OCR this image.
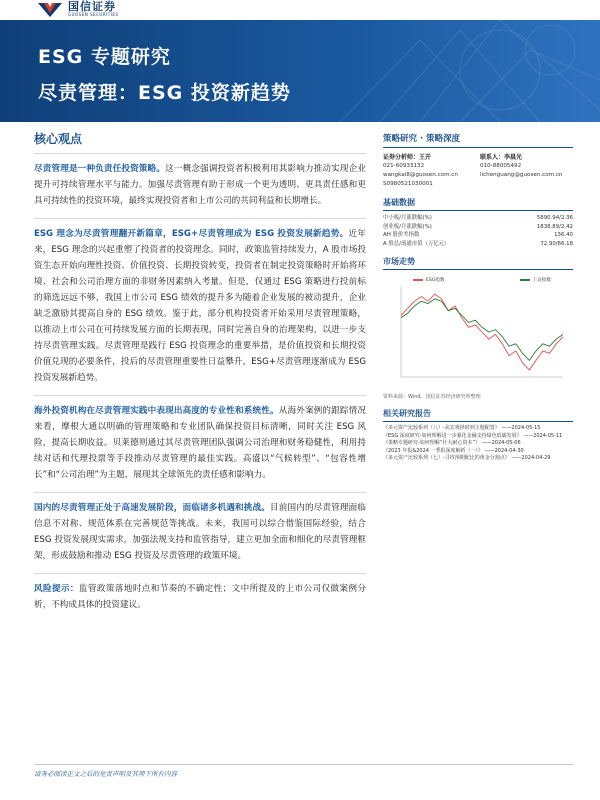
国信证券
GUOSEN SECURITIES
ESG 专题研究
尽责管理：ESG 投资新趋势
核心观点

尽责管理是一种负责任投资策略。这一概念强调投资者积极利用其影响力推动实现企业提升可持续管理水平与能力。加强尽责管理有助于形成一个更为透明、更具责任感和更具可持续性的投资环境，最终实现投资者和上市公司的共同利益和长期增长。

ESG 理念为尽责管理翻开新篇章，ESG+尽责管理成为 ESG 投资发展新趋势。近年来，ESG 理念的兴起重塑了投资者的投资理念。同时，政策监管持续发力，A 股市场投资生态开始向理性投资、价值投资、长期投资转变，投资者在制定投资策略时开始将环境、社会和公司治理方面的非财务因素纳入考量。但是，仅通过 ESG 策略进行投前标的筛选远远不够，我国上市公司 ESG 绩效的提升多为随着企业发展的被动提升，企业缺乏激励其提高自身的 ESG 绩效。鉴于此，部分机构投资者开始采用尽责管理策略，以推动上市公司在可持续发展方面的长期表现，同时完善自身的治理架构，以进一步支持尽责管理实践。尽责管理是践行 ESG 投资理念的重要举措，是价值投资和长期投资价值兑现的必要条件，投后的尽责管理重要性日益攀升，ESG+尽责管理逐渐成为 ESG 投资发展新趋势。

海外投资机构在尽责管理实践中表现出高度的专业性和系统性。从海外案例的跟踪情况来看，摩根大通以明确的管理策略和专业团队确保投资目标清晰，同时关注 ESG 风险，提高长期收益。贝莱德则通过其尽责管理团队强调公司治理和财务稳健性，利用持续对话和代理投票等手段推动尽责管理的最佳实践。高盛以“气候转型”、“包容性增长”和“公司治理”为主题，展现其全球领先的责任感和影响力。

国内的尽责管理正处于高速发展阶段，面临诸多机遇和挑战。目前国内的尽责管理面临信息不对称、规范体系在完善规范等挑战。未来，我国可以综合借鉴国际经验，结合 ESG 投资发展现实需求，加强法规支持和监管指导，建立更加全面和细化的尽责管理框架，形成鼓励和推动 ESG 投资及尽责管理的政策环境。

风险提示：监管政策落地时点和节奏的不确定性；文中所提及的上市公司仅做案例分析，不构成具体的投资建议。

策略研究 · 策略深度
证券分析师：王开
021-60933132
wangkai8@guosen.com.cn
S0980521030001
联系人：李晨光
010-88005492
lichenguang@guosen.com.cn
基础数据
中小板/月涨跌幅(%)	5890.94/2.36
创业板/月涨跌幅(%)	1838.89/2.42
AH 股价差指数	136.40
A 股总/流通市值（万亿元）	72.90/66.18
市场走势
ESG指数	上证指数
资料来源：Wind、国信证券经济研究所整理
相关研究报告
《多元资产比较系列（八）-从宏观择时到主题配置》 ——2024-05-15
《ESG 深度研究-如何理解进一步强化金融支持绿色低碳发展》 ——2024-05-11
《策略专题研究-如何理解“壮大耐心资本”》 ——2024-05-06
《2023 年报&2024 一季报深度解析（一）》 ——2024-04-30
《多元资产比较系列（七）-寻找预期配比的黄金分割点》 ——2024-04-29
请务必阅读正文之后的免责声明及其项下所有内容
